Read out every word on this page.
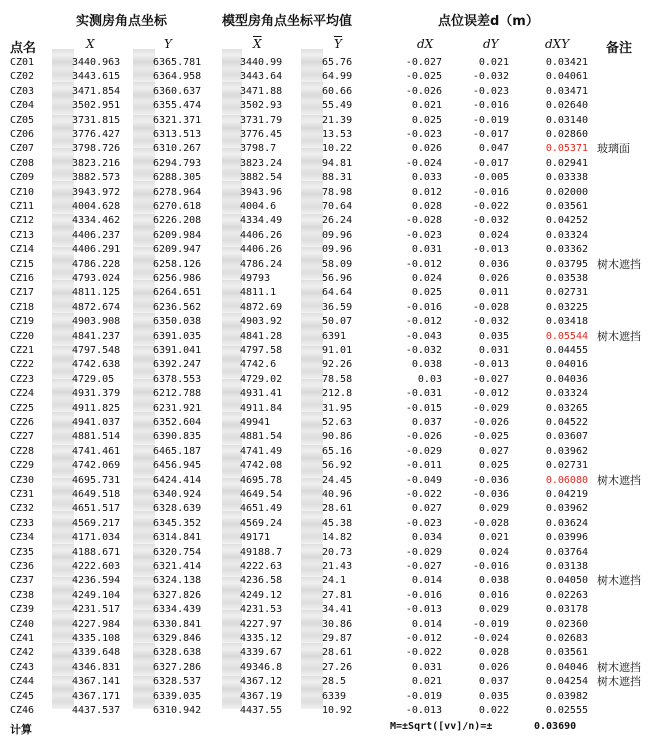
实测房角点坐标	模型房角点坐标平均值	点位误差d（m）
点名	X	Y	$\overline{X}$	$\overline{Y}$	dX	dY	dXY	备注
CZ01	3440.963	6365.781	3440.99	65.76	-0.027	0.021	0.03421
CZ02	3443.615	6364.958	3443.64	64.99	-0.025	-0.032	0.04061
CZ03	3471.854	6360.637	3471.88	60.66	-0.026	-0.023	0.03471
CZ04	3502.951	6355.474	3502.93	55.49	0.021	-0.016	0.02640
CZ05	3731.815	6321.371	3731.79	21.39	0.025	-0.019	0.03140
CZ06	3776.427	6313.513	3776.45	13.53	-0.023	-0.017	0.02860
CZ07	3798.726	6310.267	3798.7	10.22	0.026	0.047	0.05371 玻璃面
CZ08	3823.216	6294.793	3823.24	94.81	-0.024	-0.017	0.02941
CZ09	3882.573	6288.305	3882.54	88.31	0.033	-0.005	0.03338
CZ10	3943.972	6278.964	3943.96	78.98	0.012	-0.016	0.02000
CZ11	4004.628	6270.618	4004.6	70.64	0.028	-0.022	0.03561
CZ12	4334.462	6226.208	4334.49	26.24	-0.028	-0.032	0.04252
CZ13	4406.237	6209.984	4406.26	09.96	-0.023	0.024	0.03324
CZ14	4406.291	6209.947	4406.26	09.96	0.031	-0.013	0.03362
CZ15	4786.228	6258.126	4786.24	58.09	-0.012	0.036	0.03795 树木遮挡
CZ16	4793.024	6256.986	49793	56.96	0.024	0.026	0.03538
CZ17	4811.125	6264.651	4811.1	64.64	0.025	0.011	0.02731
CZ18	4872.674	6236.562	4872.69	36.59	-0.016	-0.028	0.03225
CZ19	4903.908	6350.038	4903.92	50.07	-0.012	-0.032	0.03418
CZ20	4841.237	6391.035	4841.28	6391	-0.043	0.035	0.05544 树木遮挡
CZ21	4797.548	6391.041	4797.58	91.01	-0.032	0.031	0.04455
CZ22	4742.638	6392.247	4742.6	92.26	0.038	-0.013	0.04016
CZ23	4729.05	6378.553	4729.02	78.58	0.03	-0.027	0.04036
CZ24	4931.379	6212.788	4931.41	212.8	-0.031	-0.012	0.03324
CZ25	4911.825	6231.921	4911.84	31.95	-0.015	-0.029	0.03265
CZ26	4941.037	6352.604	49941	52.63	0.037	-0.026	0.04522
CZ27	4881.514	6390.835	4881.54	90.86	-0.026	-0.025	0.03607
CZ28	4741.461	6465.187	4741.49	65.16	-0.029	0.027	0.03962
CZ29	4742.069	6456.945	4742.08	56.92	-0.011	0.025	0.02731
CZ30	4695.731	6424.414	4695.78	24.45	-0.049	-0.036	0.06080 树木遮挡
CZ31	4649.518	6340.924	4649.54	40.96	-0.022	-0.036	0.04219
CZ32	4651.517	6328.639	4651.49	28.61	0.027	0.029	0.03962
CZ33	4569.217	6345.352	4569.24	45.38	-0.023	-0.028	0.03624
CZ34	4171.034	6314.841	49171	14.82	0.034	0.021	0.03996
CZ35	4188.671	6320.754	49188.7	20.73	-0.029	0.024	0.03764
CZ36	4222.603	6321.414	4222.63	21.43	-0.027	-0.016	0.03138
CZ37	4236.594	6324.138	4236.58	24.1	0.014	0.038	0.04050 树木遮挡
CZ38	4249.104	6327.826	4249.12	27.81	-0.016	0.016	0.02263
CZ39	4231.517	6334.439	4231.53	34.41	-0.013	0.029	0.03178
CZ40	4227.984	6330.841	4227.97	30.86	0.014	-0.019	0.02360
CZ41	4335.108	6329.846	4335.12	29.87	-0.012	-0.024	0.02683
CZ42	4339.648	6328.638	4339.67	28.61	-0.022	0.028	0.03561
CZ43	4346.831	6327.286	49346.8	27.26	0.031	0.026	0.04046 树木遮挡
CZ44	4367.141	6328.537	4367.12	28.5	0.021	0.037	0.04254 树木遮挡
CZ45	4367.171	6339.035	4367.19	6339	-0.019	0.035	0.03982
CZ46	4437.537	6310.942	4437.55	10.92	-0.013	0.022	0.02555
计算	M=±Sqrt([vv]/n)=±	0.03690
